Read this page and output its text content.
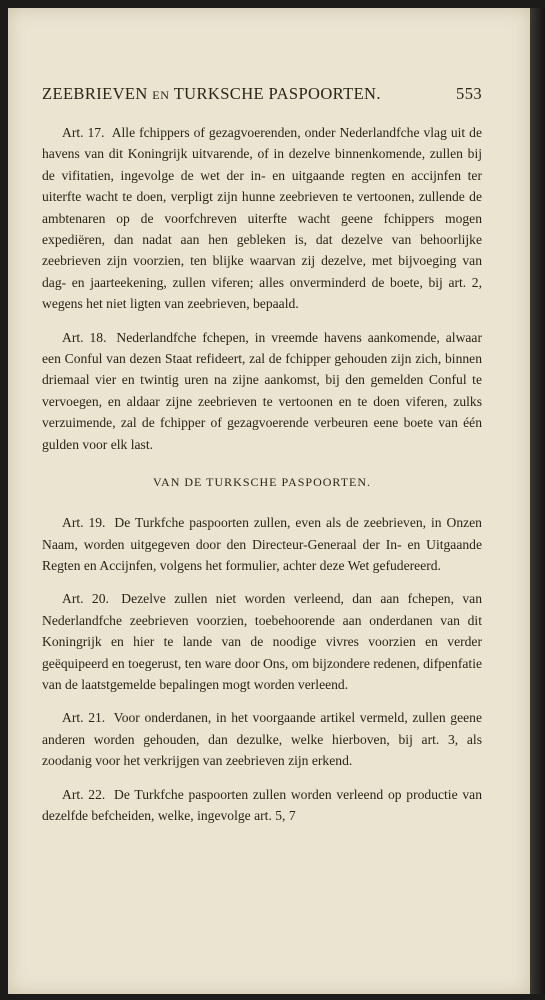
ZEEBRIEVEN EN TURKSCHE PASPOORTEN.	553

Art. 17. Alle fchippers of gezagvoerenden, onder Nederlandfche vlag uit de havens van dit Koningrijk uitvarende, of in dezelve binnenkomende, zullen bij de vifitatien, ingevolge de wet der in- en uitgaande regten en accijnfen ter uiterfte wacht te doen, verpligt zijn hunne zeebrieven te vertoonen, zullende de ambtenaren op de voorfchreven uiterfte wacht geene fchippers mogen expediëren, dan nadat aan hen gebleken is, dat dezelve van behoorlijke zeebrieven zijn voorzien, ten blijke waarvan zij dezelve, met bijvoeging van dag- en jaarteekening, zullen viferen; alles onverminderd de boete, bij art. 2, wegens het niet ligten van zeebrieven, bepaald.

Art. 18. Nederlandfche fchepen, in vreemde havens aankomende, alwaar een Conful van dezen Staat refideert, zal de fchipper gehouden zijn zich, binnen driemaal vier en twintig uren na zijne aankomst, bij den gemelden Conful te vervoegen, en aldaar zijne zeebrieven te vertoonen en te doen viferen, zulks verzuimende, zal de fchipper of gezagvoerende verbeuren eene boete van één gulden voor elk last.

VAN DE TURKSCHE PASPOORTEN.

Art. 19. De Turkfche paspoorten zullen, even als de zeebrieven, in Onzen Naam, worden uitgegeven door den Directeur-Generaal der In- en Uitgaande Regten en Accijnfen, volgens het formulier, achter deze Wet gefudereerd.

Art. 20. Dezelve zullen niet worden verleend, dan aan fchepen, van Nederlandfche zeebrieven voorzien, toebehoorende aan onderdanen van dit Koningrijk en hier te lande van de noodige vivres voorzien en verder geëquipeerd en toegerust, ten ware door Ons, om bijzondere redenen, difpenfatie van de laatstgemelde bepalingen mogt worden verleend.

Art. 21. Voor onderdanen, in het voorgaande artikel vermeld, zullen geene anderen worden gehouden, dan dezulke, welke hierboven, bij art. 3, als zoodanig voor het verkrijgen van zeebrieven zijn erkend.

Art. 22. De Turkfche paspoorten zullen worden verleend op productie van dezelfde befcheiden, welke, ingevolge art. 5, 7
